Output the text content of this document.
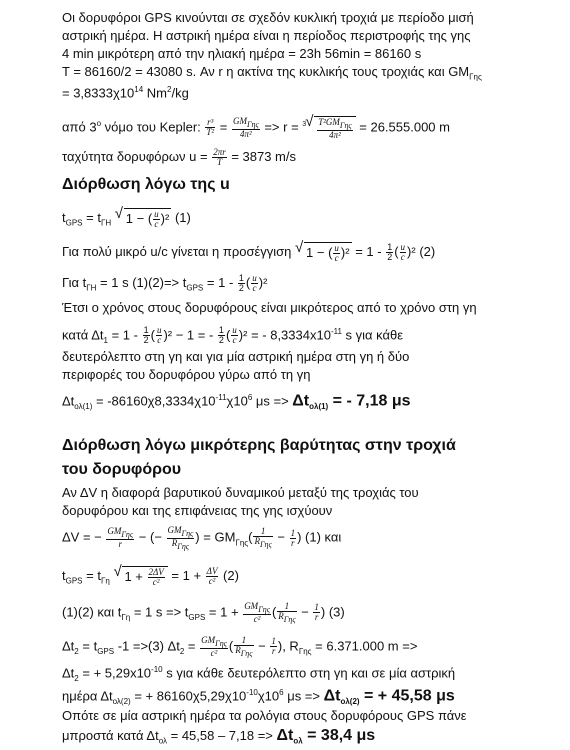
Οι δορυφόροι GPS κινούνται σε σχεδόν κυκλική τροχιά με περίοδο μισή
αστρική ημέρα. Η αστρική ημέρα είναι η περίοδος περιστροφής της γης
4 min μικρότερη από την ηλιακή ημέρα = 23h 56min = 86160 s
T = 86160/2 = 43080 s. Αν r η ακτίνα της κυκλικής τους τροχιάς και $GM_{\Gamma\eta\varsigma}$
= $3,8333\chi 10^{14}$ Nm$^2$/kg
από $3^o$ νόμο του Kepler: $\frac{\text{r³}}{\text{T²}} = \frac{GM_{\Gamma\eta\varsigma}}{\text{4π²}} => r = ^3$ √ $\frac{T^2GM_{\Gamma\eta\varsigma}}{\text{4π²}} = 26.555.000$ m
ταχύτητα δορυφόρων $u = \frac{2\pi r}{T} = 3873$ m/s
Διόρθωση λόγω της u
$t_{GPS} = t_{\Gamma H}$ √ 1 − ( $\frac{u}{c} )^2$ (1)
Για πολύ μικρό u/c γίνεται η προσέγγιση √ 1 − ( $\frac{u}{c} )^2 = 1 - \frac{1}{2}$ ( $\frac{u}{c} )^2$ (2)
Για $t_{\Gamma H} = 1$ s $(1)(2)=> t_{GPS} = 1 - \frac{1}{2}$ ( $\frac{u}{c} )^2$
Έτσι ο χρόνος στους δορυφόρους είναι μικρότερος από το χρόνο στη γη
κατά $\Delta t_1 = 1 - \frac{1}{2}$ ( $\frac{u}{c} )^2 - 1$ = - $\frac{1}{2}$ ( $\frac{u}{c} )^2$ = - $8,3334x10^{-11}$ s για κάθε
δευτερόλεπτο στη γη και για μία αστρική ημέρα στη γη ή δύο
περιφορές του δορυφόρου γύρω από τη γη
$\Delta t_{o\lambda(1)} = -86160\chi 8,3334\chi 10^{-11}\chi 10^6$ $\mu s => \Delta t_{o\lambda(1)}$ = - 7,18 μs
Διόρθωση λόγω μικρότερης βαρύτητας στην τροχιά
του δορυφόρου
Αν ΔV η διαφορά βαρυτικού δυναμικού μεταξύ της τροχιάς του
δορυφόρου και της επιφάνειας της γης ισχύουν
ΔV = − $\frac{GM_{\Gamma\eta\varsigma}}{r}$ − (− $\frac{GM_{\Gamma\eta\varsigma}}{R_{\Gamma\eta\varsigma}}$ ) = $GM_{\Gamma\eta\varsigma}( \frac{1}{R_{\Gamma\eta\varsigma}} - \frac{1}{r}$ ) (1) και
$t_{GPS} = t_{\Gamma\eta}$ √ $1 + \frac{2\Delta V}{\text{c²}} = 1 + \frac{\Delta V}{\text{c²}} (2)$
(1)(2) και $t_{\Gamma\eta} = 1$ $s => t_{GPS} = 1 + \frac{GM_{\Gamma\eta\varsigma}}{\text{c²}}$ ( $\frac{1}{R_{\Gamma\eta\varsigma}} - \frac{1}{r}$ ) (3)
$\Delta t_2 = t_{GPS}$ -1 =>(3) $\Delta t_2 = \frac{GM_{\Gamma\eta\varsigma}}{\text{c²}}$ ( $\frac{1}{R_{\Gamma\eta\varsigma}} - \frac{1}{r}$ ), $R_{\Gamma\eta\varsigma} = 6.371.000$ m =>
$\Delta t_2$ = + $5,29x10^{-10}$ s για κάθε δευτερόλεπτο στη γη και σε μία αστρική
ημέρα $\Delta t_{o\lambda(2)}$ = + $86160\chi 5,29\chi 10^{-10}\chi 10^6$ $\mu s => \Delta t_{o\lambda(2)}$ = + 45,58 μs
Οπότε σε μία αστρική ημέρα τα ρολόγια στους δορυφόρους GPS πάνε
μπροστά κατά $\Delta t_{o\lambda} = 45,58 - 7,18 => \Delta t_{o\lambda} = 38,4$ μs
